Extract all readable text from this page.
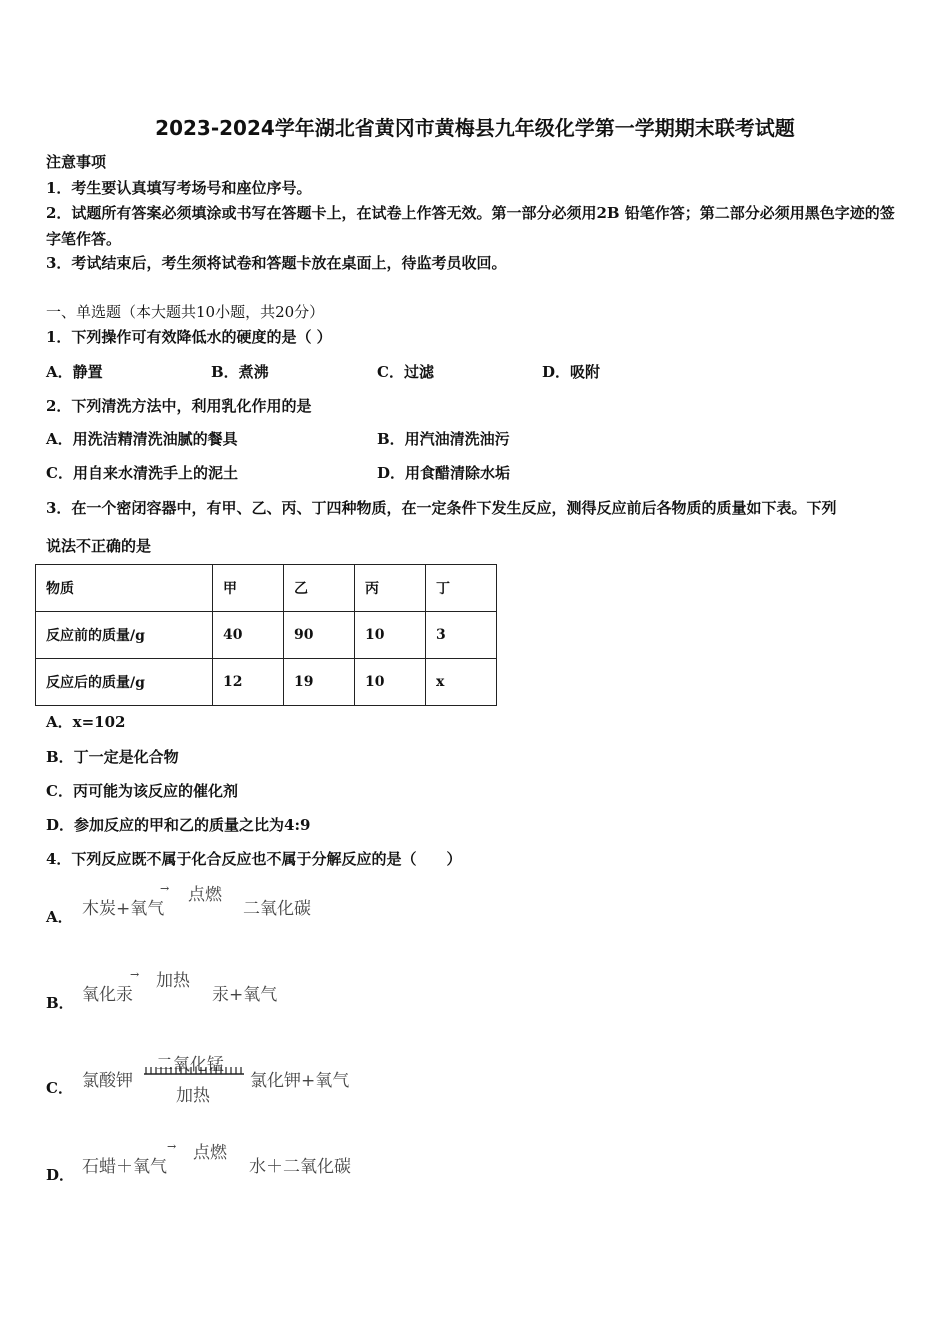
2023-2024学年湖北省黄冈市黄梅县九年级化学第一学期期末联考试题
注意事项
1．考生要认真填写考场号和座位序号。
2．试题所有答案必须填涂或书写在答题卡上，在试卷上作答无效。第一部分必须用2B 铅笔作答；第二部分必须用黑色字迹的签字笔作答。
3．考试结束后，考生须将试卷和答题卡放在桌面上，待监考员收回。
一、单选题（本大题共10小题，共20分）
1．下列操作可有效降低水的硬度的是（ ）
A．静置	B．煮沸	C．过滤	D．吸附
2．下列清洗方法中，利用乳化作用的是
A．用洗洁精清洗油腻的餐具	B．用汽油清洗油污
C．用自来水清洗手上的泥土	D．用食醋清除水垢
3．在一个密闭容器中，有甲、乙、丙、丁四种物质，在一定条件下发生反应，测得反应前后各物质的质量如下表。下列
说法不正确的是
物质	甲	乙	丙	丁
反应前的质量/g	40	90	10	3
反应后的质量/g	12	19	10	x
A．x=102
B．丁一定是化合物
C．丙可能为该反应的催化剂
D．参加反应的甲和乙的质量之比为4:9
4．下列反应既不属于化合反应也不属于分解反应的是（　　）
A． 木炭+氧气
→ 点燃
二氧化碳
B． 氧化汞
→ 加热
汞+氧气
C． 氯酸钾
二氧化锰
加热
氯化钾+氧气
D． 石蜡＋氧气
→ 点燃
水＋二氧化碳
